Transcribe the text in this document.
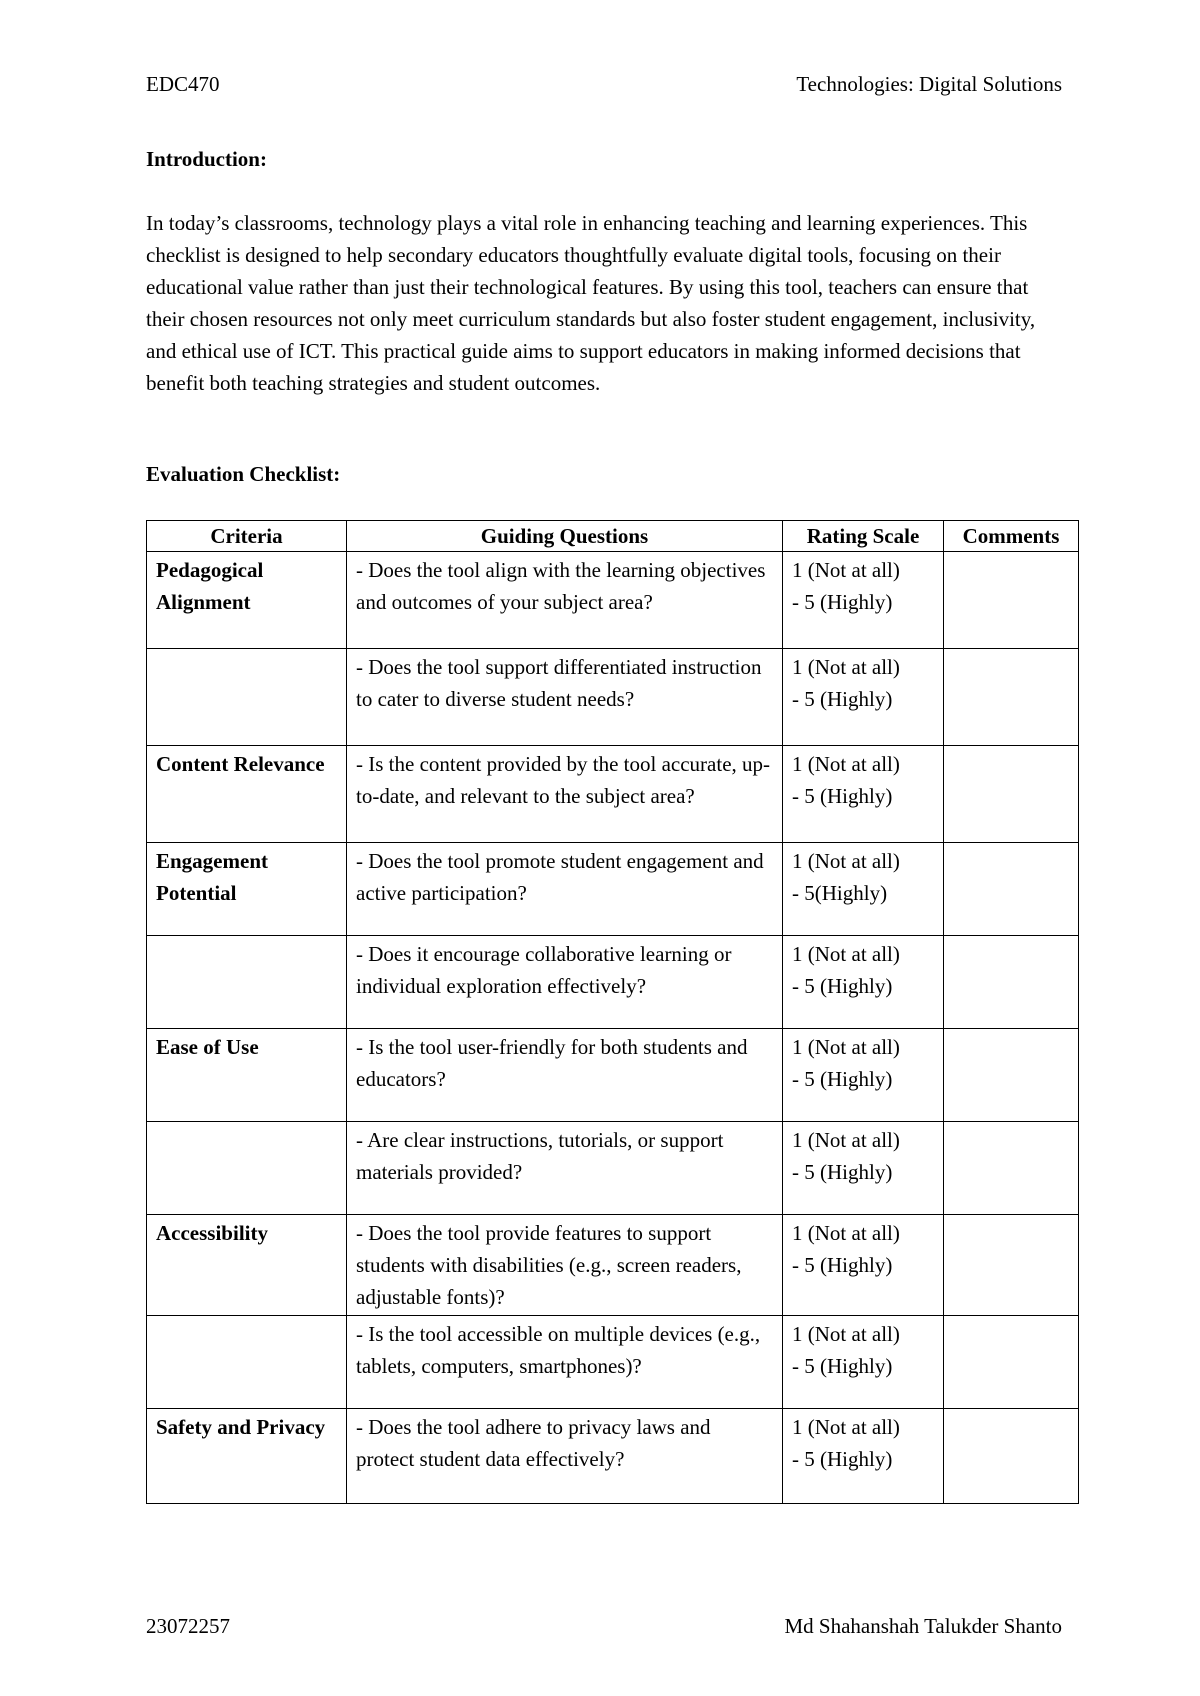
EDC470	Technologies: Digital Solutions
Introduction:

In today’s classrooms, technology plays a vital role in enhancing teaching and learning experiences. This checklist is designed to help secondary educators thoughtfully evaluate digital tools, focusing on their educational value rather than just their technological features. By using this tool, teachers can ensure that their chosen resources not only meet curriculum standards but also foster student engagement, inclusivity, and ethical use of ICT. This practical guide aims to support educators in making informed decisions that benefit both teaching strategies and student outcomes.

Evaluation Checklist:
Criteria	Guiding Questions	Rating Scale	Comments
Pedagogical Alignment	- Does the tool align with the learning objectives and outcomes of your subject area?	1 (Not at all)
- 5 (Highly)	

	- Does the tool support differentiated instruction to cater to diverse student needs?	1 (Not at all)
- 5 (Highly)	

Content Relevance	- Is the content provided by the tool accurate, up-to-date, and relevant to the subject area?	1 (Not at all)
- 5 (Highly)	

Engagement Potential	- Does the tool promote student engagement and active participation?	1 (Not at all)
- 5(Highly)	

	- Does it encourage collaborative learning or individual exploration effectively?	1 (Not at all)
- 5 (Highly)	

Ease of Use	- Is the tool user-friendly for both students and educators?	1 (Not at all)
- 5 (Highly)	

	- Are clear instructions, tutorials, or support materials provided?	1 (Not at all)
- 5 (Highly)	

Accessibility	- Does the tool provide features to support students with disabilities (e.g., screen readers, adjustable fonts)?	1 (Not at all)
- 5 (Highly)	

	- Is the tool accessible on multiple devices (e.g., tablets, computers, smartphones)?	1 (Not at all)
- 5 (Highly)	

Safety and Privacy	- Does the tool adhere to privacy laws and protect student data effectively?	1 (Not at all)
- 5 (Highly)	

23072257	Md Shahanshah Talukder Shanto
